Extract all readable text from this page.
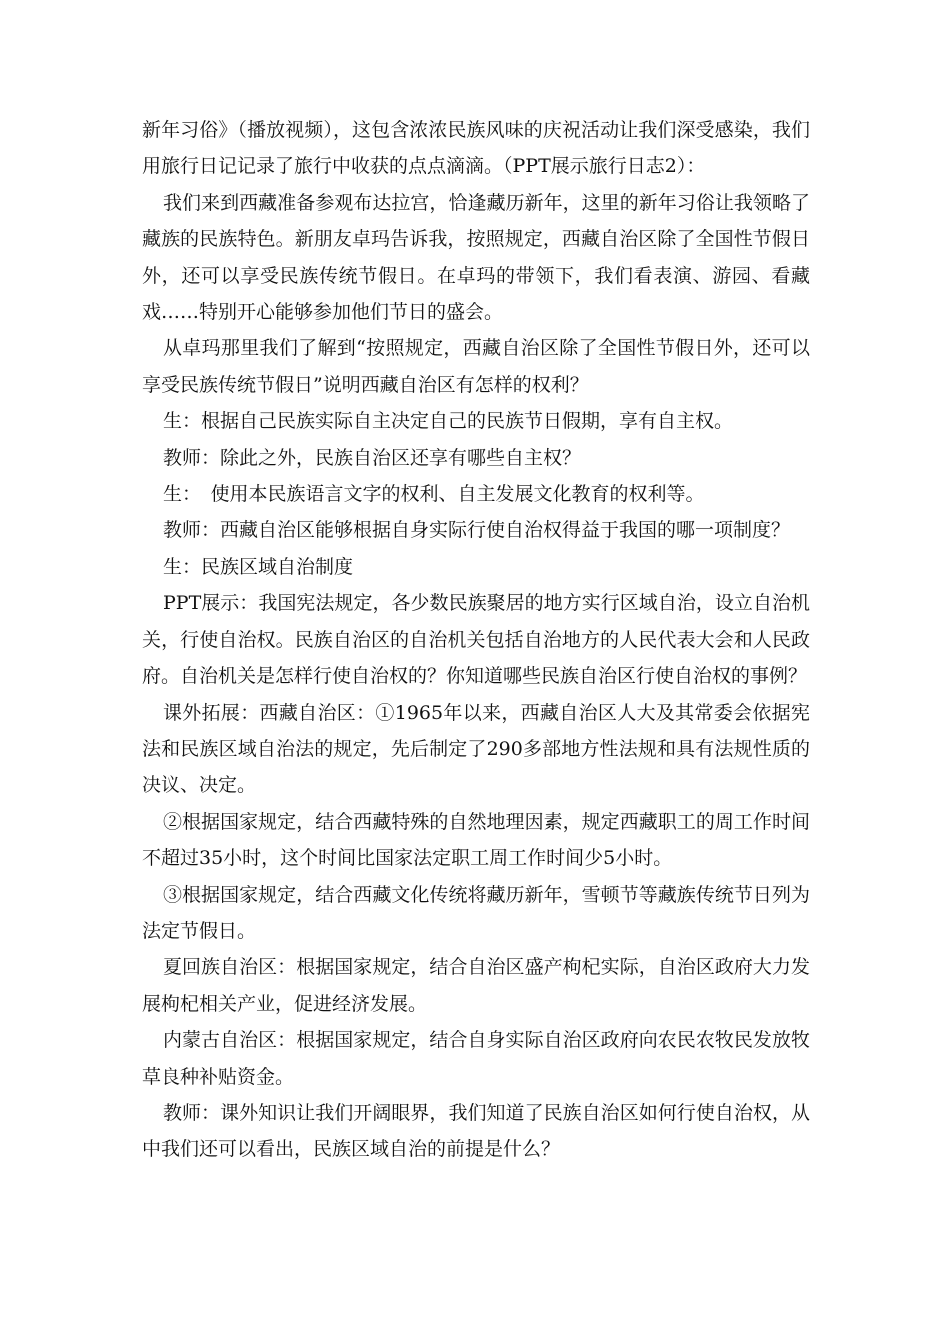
新年习俗》（播放视频），这包含浓浓民族风味的庆祝活动让我们深受感染，我们用旅行日记记录了旅行中收获的点点滴滴。（PPT展示旅行日志2）：

我们来到西藏准备参观布达拉宫，恰逢藏历新年，这里的新年习俗让我领略了藏族的民族特色。新朋友卓玛告诉我，按照规定，西藏自治区除了全国性节假日外，还可以享受民族传统节假日。在卓玛的带领下，我们看表演、游园、看藏戏……特别开心能够参加他们节日的盛会。

从卓玛那里我们了解到“按照规定，西藏自治区除了全国性节假日外，还可以享受民族传统节假日”说明西藏自治区有怎样的权利？

生：根据自己民族实际自主决定自己的民族节日假期，享有自主权。

教师：除此之外，民族自治区还享有哪些自主权？

生：　使用本民族语言文字的权利、自主发展文化教育的权利等。

教师：西藏自治区能够根据自身实际行使自治权得益于我国的哪一项制度？

生：民族区域自治制度

PPT展示：我国宪法规定，各少数民族聚居的地方实行区域自治，设立自治机关，行使自治权。民族自治区的自治机关包括自治地方的人民代表大会和人民政府。自治机关是怎样行使自治权的？你知道哪些民族自治区行使自治权的事例？

课外拓展：西藏自治区：①1965年以来，西藏自治区人大及其常委会依据宪法和民族区域自治法的规定，先后制定了290多部地方性法规和具有法规性质的决议、决定。

②根据国家规定，结合西藏特殊的自然地理因素，规定西藏职工的周工作时间不超过35小时，这个时间比国家法定职工周工作时间少5小时。

③根据国家规定，结合西藏文化传统将藏历新年，雪顿节等藏族传统节日列为法定节假日。

夏回族自治区：根据国家规定，结合自治区盛产枸杞实际，自治区政府大力发展枸杞相关产业，促进经济发展。

内蒙古自治区：根据国家规定，结合自身实际自治区政府向农民农牧民发放牧草良种补贴资金。

教师：课外知识让我们开阔眼界，我们知道了民族自治区如何行使自治权，从中我们还可以看出，民族区域自治的前提是什么？
